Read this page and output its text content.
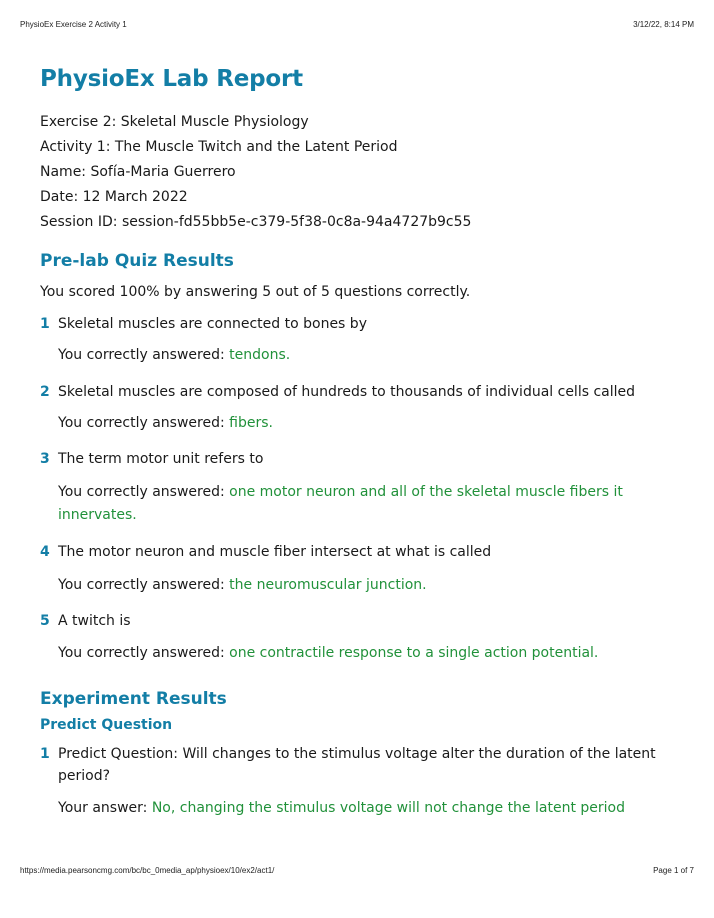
PhysioEx Exercise 2 Activity 1	3/12/22, 8:14 PM
PhysioEx Lab Report
Exercise 2: Skeletal Muscle Physiology
Activity 1: The Muscle Twitch and the Latent Period
Name: Sofía-Maria Guerrero
Date: 12 March 2022
Session ID: session-fd55bb5e-c379-5f38-0c8a-94a4727b9c55
Pre-lab Quiz Results
You scored 100% by answering 5 out of 5 questions correctly.
1 Skeletal muscles are connected to bones by
You correctly answered: tendons.
2 Skeletal muscles are composed of hundreds to thousands of individual cells called
You correctly answered: fibers.
3 The term motor unit refers to
You correctly answered: one motor neuron and all of the skeletal muscle fibers it innervates.
4 The motor neuron and muscle fiber intersect at what is called
You correctly answered: the neuromuscular junction.
5 A twitch is
You correctly answered: one contractile response to a single action potential.
Experiment Results
Predict Question
1 Predict Question: Will changes to the stimulus voltage alter the duration of the latent period?
Your answer: No, changing the stimulus voltage will not change the latent period
https://media.pearsoncmg.com/bc/bc_0media_ap/physioex/10/ex2/act1/	Page 1 of 7
